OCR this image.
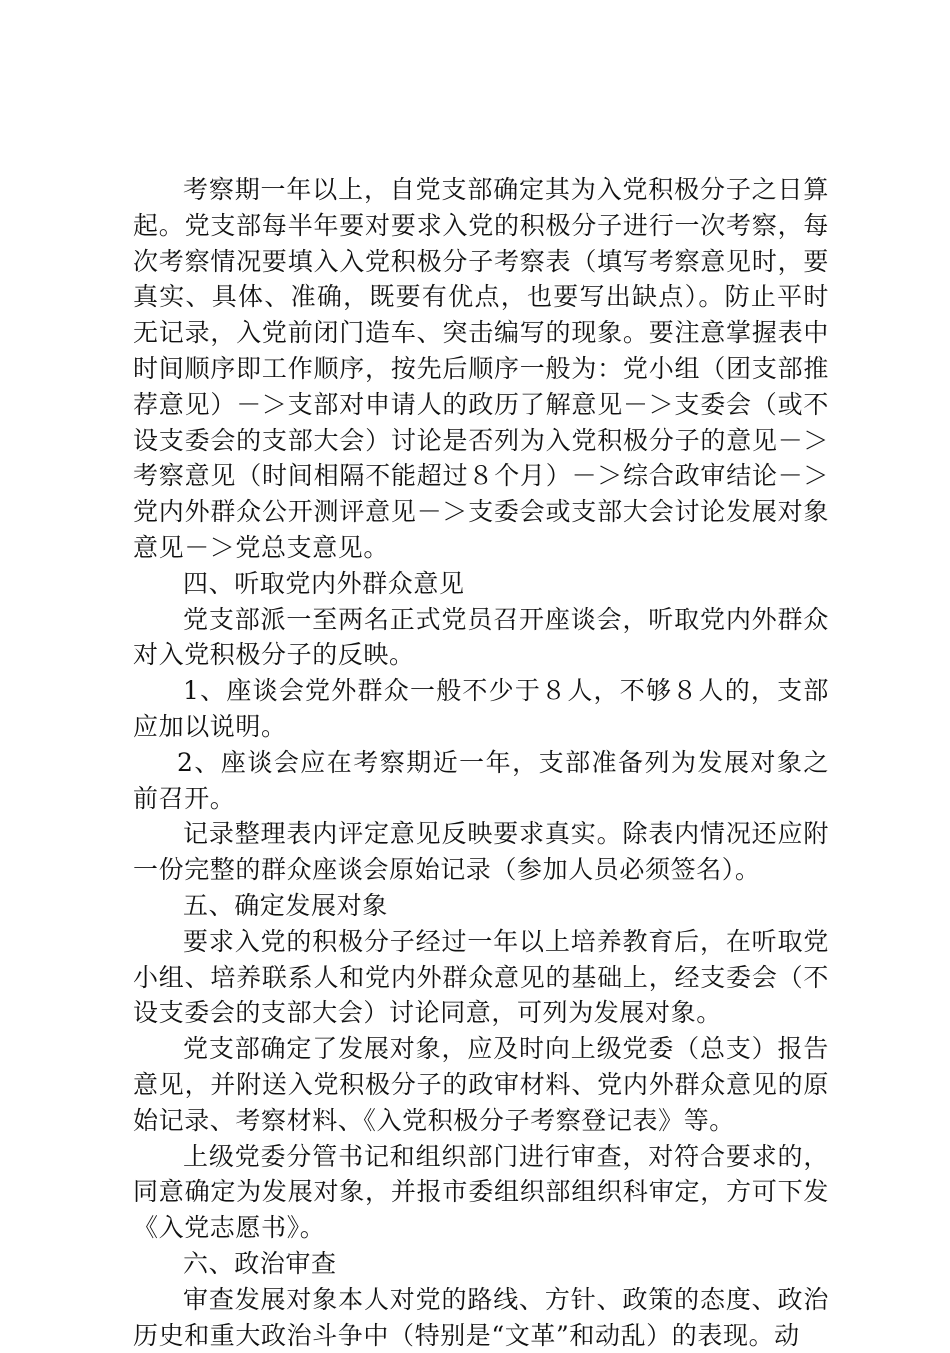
考察期一年以上，自党支部确定其为入党积极分子之日算起。党支部每半年要对要求入党的积极分子进行一次考察，每次考察情况要填入入党积极分子考察表（填写考察意见时，要真实、具体、准确，既要有优点，也要写出缺点）。防止平时无记录，入党前闭门造车、突击编写的现象。要注意掌握表中时间顺序即工作顺序，按先后顺序一般为：党小组（团支部推荐意见）－＞支部对申请人的政历了解意见－＞支委会（或不设支委会的支部大会）讨论是否列为入党积极分子的意见－＞考察意见（时间相隔不能超过８个月）－＞综合政审结论－＞党内外群众公开测评意见－＞支委会或支部大会讨论发展对象意见－＞党总支意见。

四、听取党内外群众意见

党支部派一至两名正式党员召开座谈会，听取党内外群众对入党积极分子的反映。

1、座谈会党外群众一般不少于８人，不够８人的，支部应加以说明。

2、座谈会应在考察期近一年，支部准备列为发展对象之前召开。

记录整理表内评定意见反映要求真实。除表内情况还应附一份完整的群众座谈会原始记录（参加人员必须签名）。

五、确定发展对象

要求入党的积极分子经过一年以上培养教育后，在听取党小组、培养联系人和党内外群众意见的基础上，经支委会（不设支委会的支部大会）讨论同意，可列为发展对象。

党支部确定了发展对象，应及时向上级党委（总支）报告意见，并附送入党积极分子的政审材料、党内外群众意见的原始记录、考察材料、《入党积极分子考察登记表》等。

上级党委分管书记和组织部门进行审查，对符合要求的，同意确定为发展对象，并报市委组织部组织科审定，方可下发《入党志愿书》。

六、政治审查

审查发展对象本人对党的路线、方针、政策的态度、政治历史和重大政治斗争中（特别是“文革”和动乱）的表现。动
